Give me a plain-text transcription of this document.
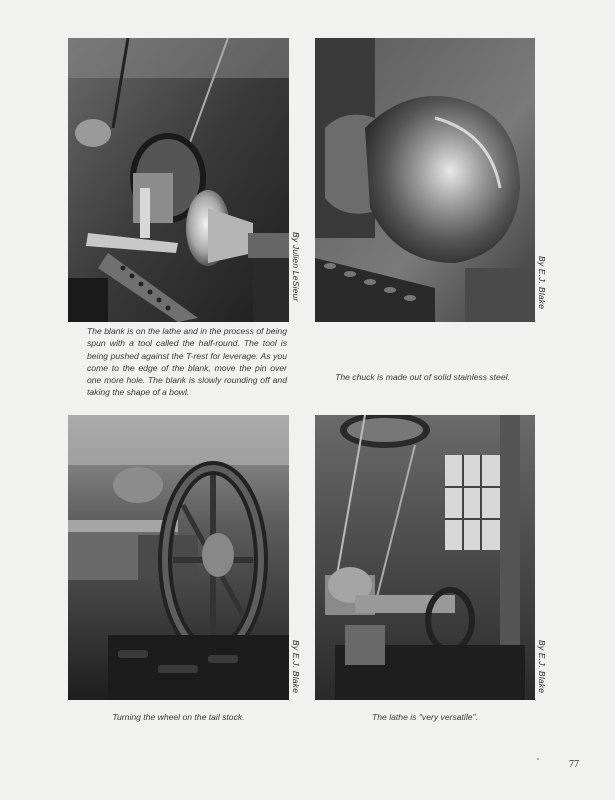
By Julien LeSieur	By E.J. Blake
The blank is on the lathe and in the process of being spun with a tool called the half-round. The tool is being pushed against the T-rest for leverage. As you come to the edge of the blank, move the pin over one more hole. The blank is slowly rounding off and taking the shape of a bowl.
The chuck is made out of solid stainless steel.
By E.J. Blake	By E.J. Blake
Turning the wheel on the tail stock.	The lathe is "very versatile".
77
